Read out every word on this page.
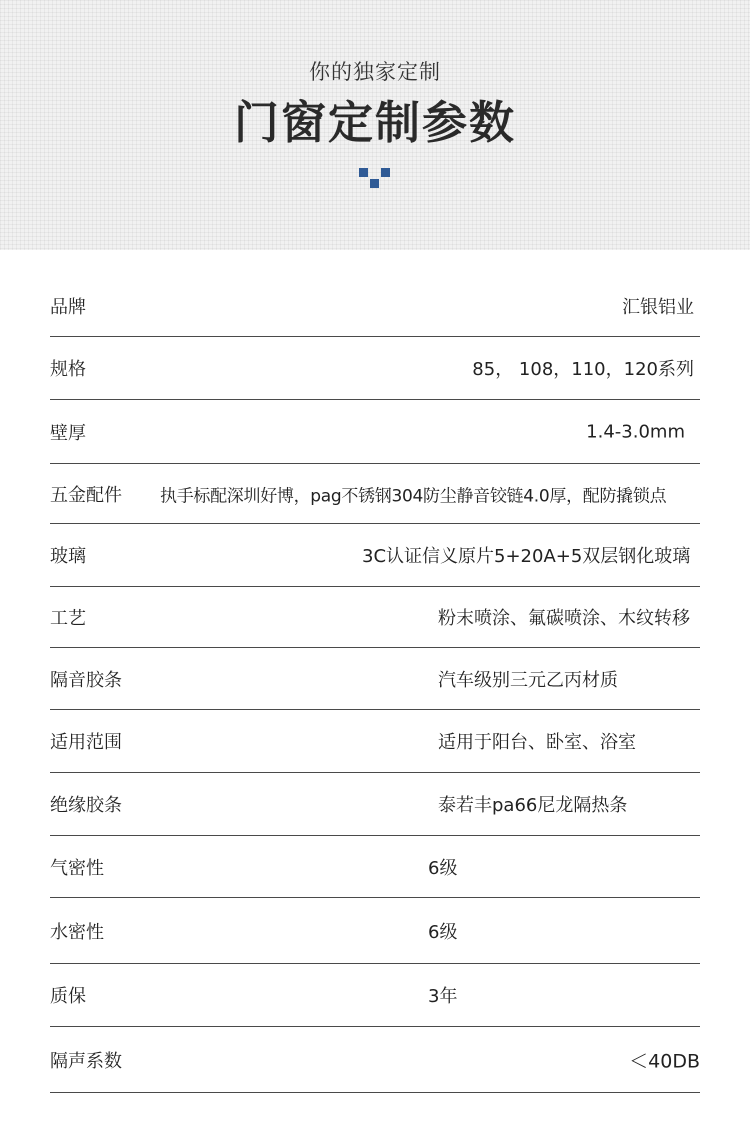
你的独家定制
门窗定制参数
品牌	汇银铝业
规格	85， 108，110，120系列
壁厚	1.4-3.0mm
五金配件 执手标配深圳好博，pag不锈钢304防尘静音铰链4.0厚，配防撬锁点
玻璃	3C认证信义原片5+20A+5双层钢化玻璃
工艺	粉末喷涂、氟碳喷涂、木纹转移
隔音胶条	汽车级别三元乙丙材质
适用范围	适用于阳台、卧室、浴室
绝缘胶条	泰若丰pa66尼龙隔热条
气密性	6级
水密性	6级
质保	3年
隔声系数	＜40DB
